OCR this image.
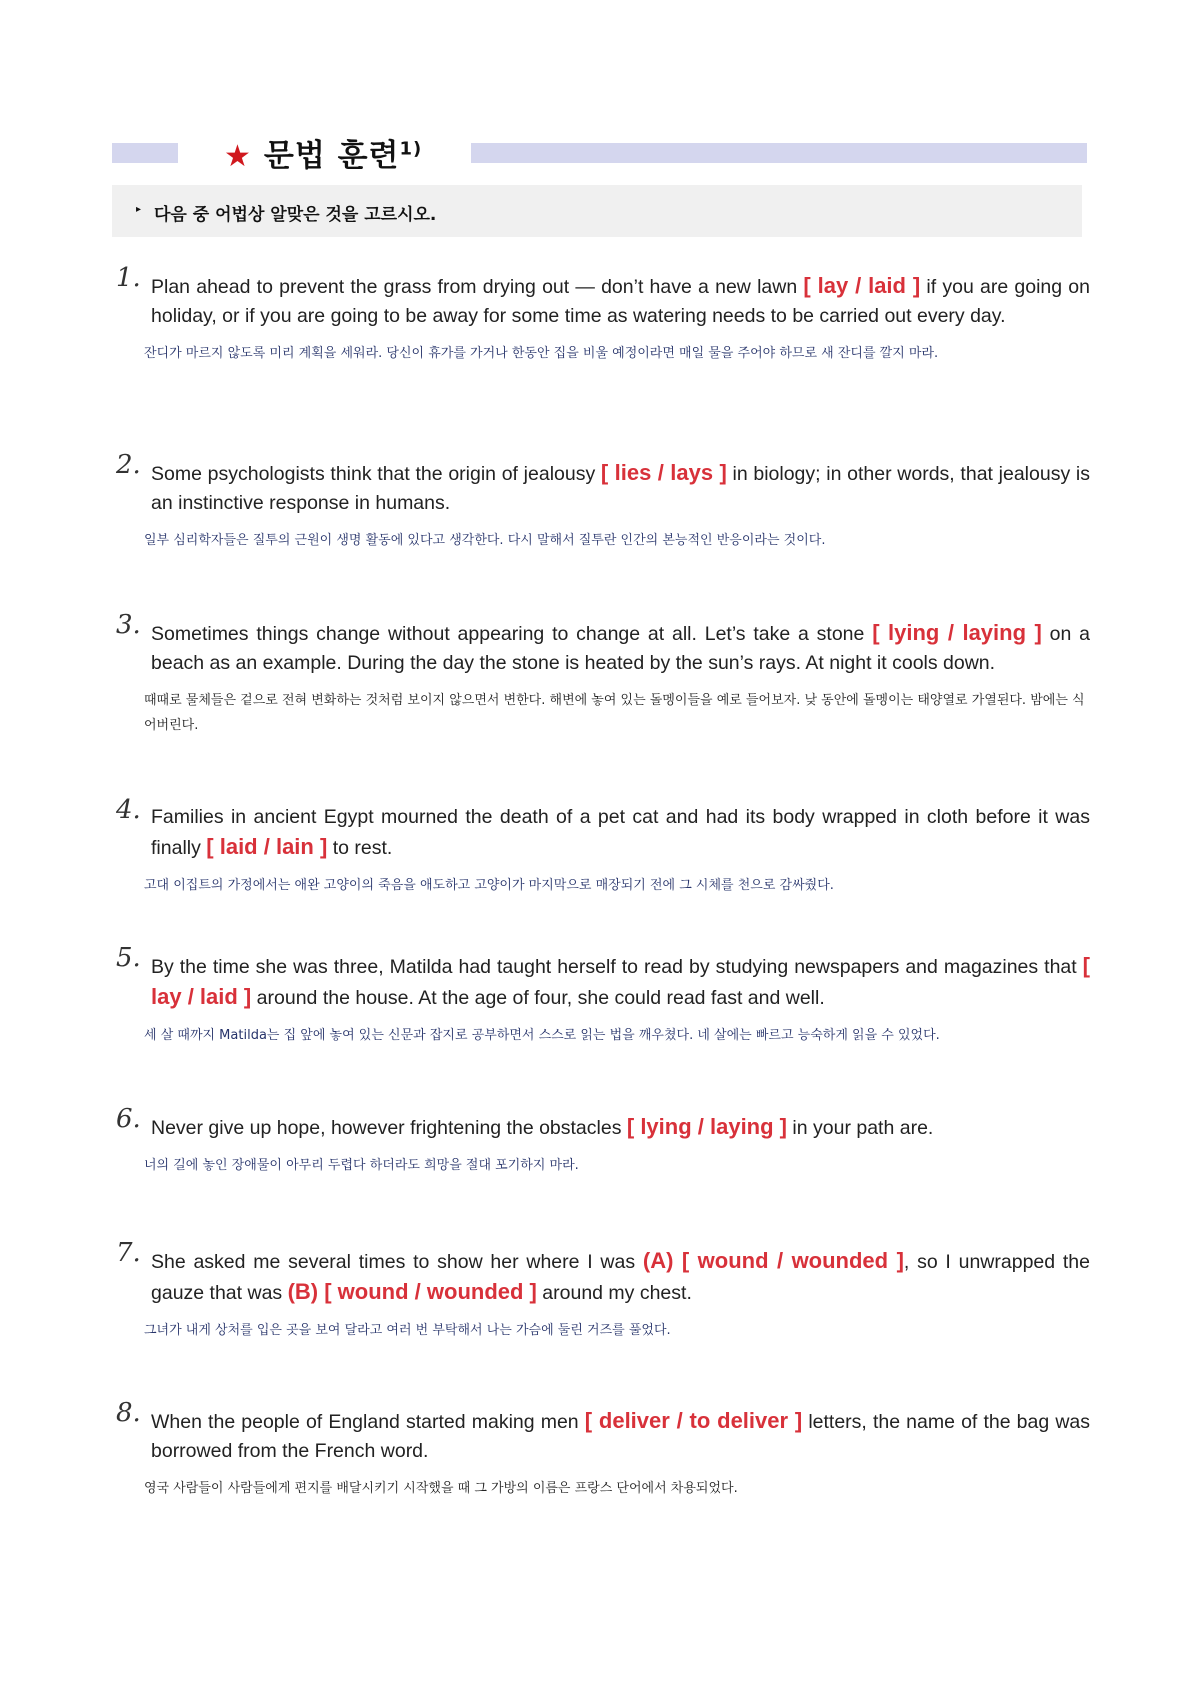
★ 문법 훈련$^{1)}$
▸ 다음 중 어법상 알맞은 것을 고르시오.
1. Plan ahead to prevent the grass from drying out — don’t have a new lawn [ lay / laid ] if you are going on holiday, or if you are going to be away for some time as watering needs to be carried out every day.
잔디가 마르지 않도록 미리 계획을 세워라. 당신이 휴가를 가거나 한동안 집을 비울 예정이라면 매일 물을 주어야 하므로 새 잔디를 깔지 마라.
2. Some psychologists think that the origin of jealousy [ lies / lays ] in biology; in other words, that jealousy is an instinctive response in humans.
일부 심리학자들은 질투의 근원이 생명 활동에 있다고 생각한다. 다시 말해서 질투란 인간의 본능적인 반응이라는 것이다.
3. Sometimes things change without appearing to change at all. Let’s take a stone [ lying / laying ] on a beach as an example. During the day the stone is heated by the sun’s rays. At night it cools down.
때때로 물체들은 겉으로 전혀 변화하는 것처럼 보이지 않으면서 변한다. 해변에 놓여 있는 돌멩이들을 예로 들어보자. 낮 동안에 돌멩이는 태양열로 가열된다. 밤에는 식어버린다.
4. Families in ancient Egypt mourned the death of a pet cat and had its body wrapped in cloth before it was finally [ laid / lain ] to rest.
고대 이집트의 가정에서는 애완 고양이의 죽음을 애도하고 고양이가 마지막으로 매장되기 전에 그 시체를 천으로 감싸줬다.
5. By the time she was three, Matilda had taught herself to read by studying newspapers and magazines that [ lay / laid ] around the house. At the age of four, she could read fast and well.
세 살 때까지 Matilda는 집 앞에 놓여 있는 신문과 잡지로 공부하면서 스스로 읽는 법을 깨우쳤다. 네 살에는 빠르고 능숙하게 읽을 수 있었다.
6. Never give up hope, however frightening the obstacles [ lying / laying ] in your path are.
너의 길에 놓인 장애물이 아무리 두렵다 하더라도 희망을 절대 포기하지 마라.
7. She asked me several times to show her where I was (A) [ wound / wounded ], so I unwrapped the gauze that was (B) [ wound / wounded ] around my chest.
그녀가 내게 상처를 입은 곳을 보여 달라고 여러 번 부탁해서 나는 가슴에 둘린 거즈를 풀었다.
8. When the people of England started making men [ deliver / to deliver ] letters, the name of the bag was borrowed from the French word.
영국 사람들이 사람들에게 편지를 배달시키기 시작했을 때 그 가방의 이름은 프랑스 단어에서 차용되었다.
